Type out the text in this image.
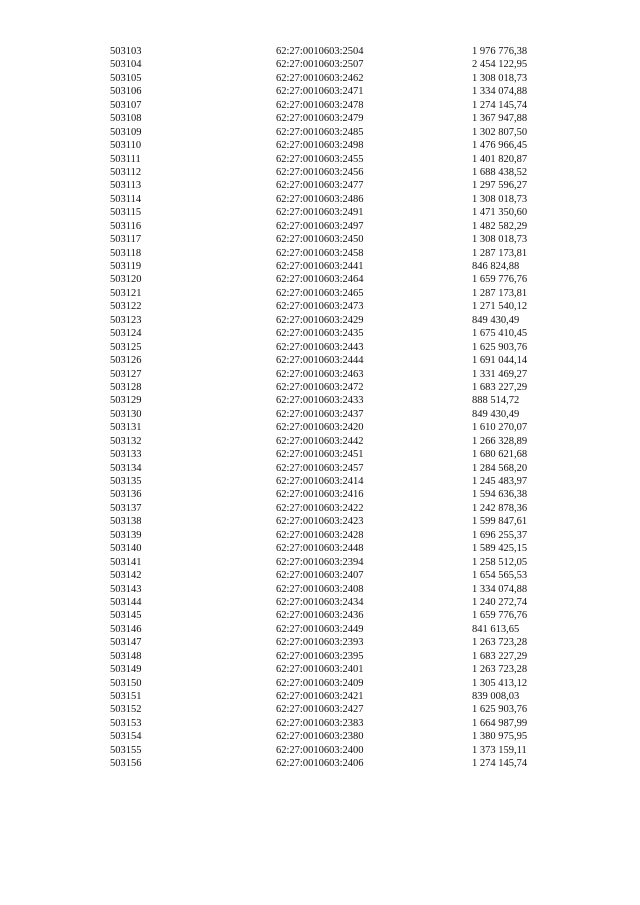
503103	62:27:0010603:2504	1 976 776,38
503104	62:27:0010603:2507	2 454 122,95
503105	62:27:0010603:2462	1 308 018,73
503106	62:27:0010603:2471	1 334 074,88
503107	62:27:0010603:2478	1 274 145,74
503108	62:27:0010603:2479	1 367 947,88
503109	62:27:0010603:2485	1 302 807,50
503110	62:27:0010603:2498	1 476 966,45
503111	62:27:0010603:2455	1 401 820,87
503112	62:27:0010603:2456	1 688 438,52
503113	62:27:0010603:2477	1 297 596,27
503114	62:27:0010603:2486	1 308 018,73
503115	62:27:0010603:2491	1 471 350,60
503116	62:27:0010603:2497	1 482 582,29
503117	62:27:0010603:2450	1 308 018,73
503118	62:27:0010603:2458	1 287 173,81
503119	62:27:0010603:2441	846 824,88
503120	62:27:0010603:2464	1 659 776,76
503121	62:27:0010603:2465	1 287 173,81
503122	62:27:0010603:2473	1 271 540,12
503123	62:27:0010603:2429	849 430,49
503124	62:27:0010603:2435	1 675 410,45
503125	62:27:0010603:2443	1 625 903,76
503126	62:27:0010603:2444	1 691 044,14
503127	62:27:0010603:2463	1 331 469,27
503128	62:27:0010603:2472	1 683 227,29
503129	62:27:0010603:2433	888 514,72
503130	62:27:0010603:2437	849 430,49
503131	62:27:0010603:2420	1 610 270,07
503132	62:27:0010603:2442	1 266 328,89
503133	62:27:0010603:2451	1 680 621,68
503134	62:27:0010603:2457	1 284 568,20
503135	62:27:0010603:2414	1 245 483,97
503136	62:27:0010603:2416	1 594 636,38
503137	62:27:0010603:2422	1 242 878,36
503138	62:27:0010603:2423	1 599 847,61
503139	62:27:0010603:2428	1 696 255,37
503140	62:27:0010603:2448	1 589 425,15
503141	62:27:0010603:2394	1 258 512,05
503142	62:27:0010603:2407	1 654 565,53
503143	62:27:0010603:2408	1 334 074,88
503144	62:27:0010603:2434	1 240 272,74
503145	62:27:0010603:2436	1 659 776,76
503146	62:27:0010603:2449	841 613,65
503147	62:27:0010603:2393	1 263 723,28
503148	62:27:0010603:2395	1 683 227,29
503149	62:27:0010603:2401	1 263 723,28
503150	62:27:0010603:2409	1 305 413,12
503151	62:27:0010603:2421	839 008,03
503152	62:27:0010603:2427	1 625 903,76
503153	62:27:0010603:2383	1 664 987,99
503154	62:27:0010603:2380	1 380 975,95
503155	62:27:0010603:2400	1 373 159,11
503156	62:27:0010603:2406	1 274 145,74
